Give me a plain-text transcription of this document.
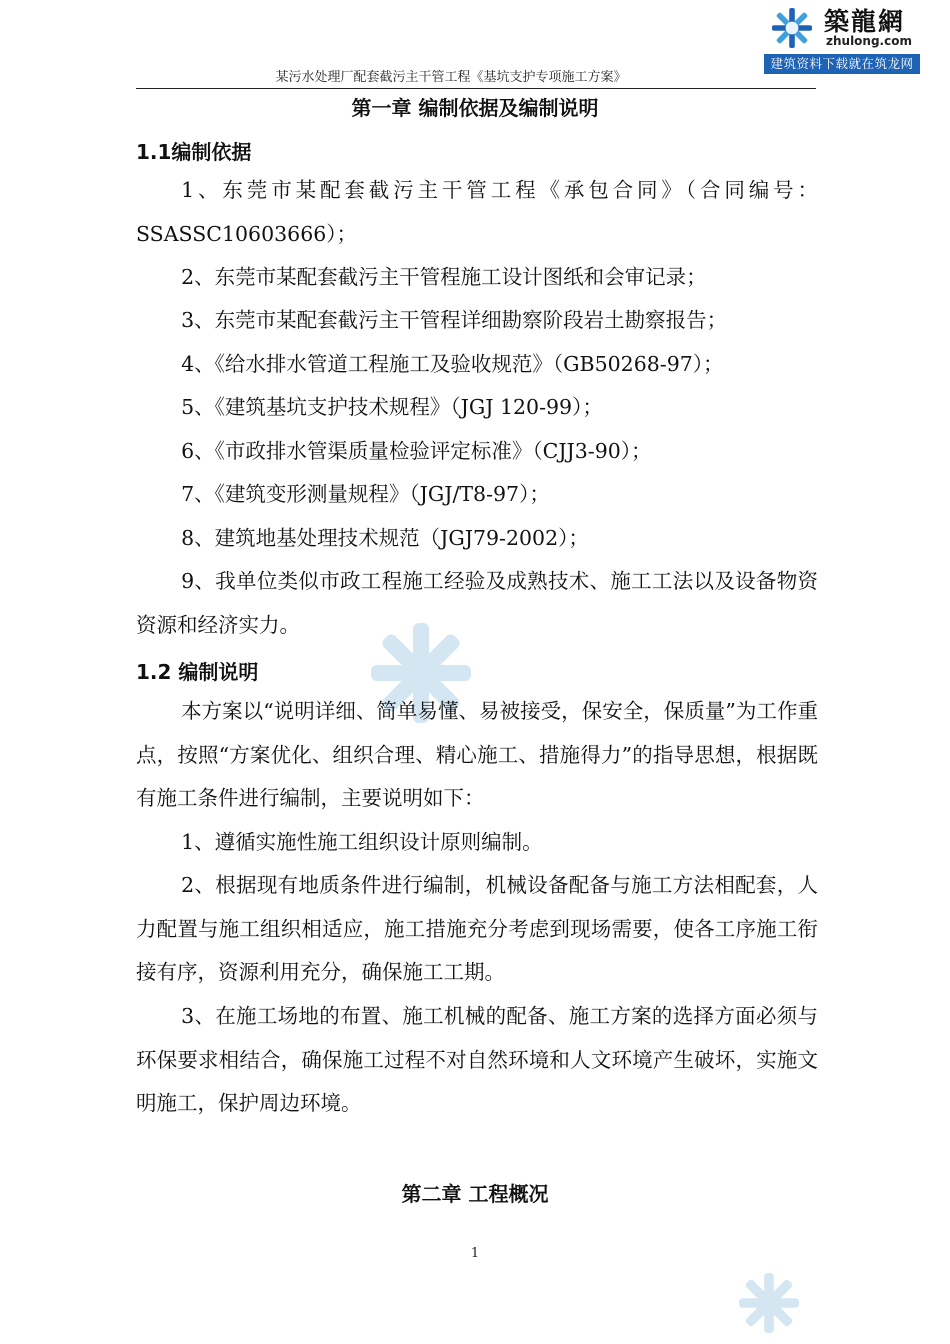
築龍網
zhulong.com
建筑资料下载就在筑龙网
某污水处理厂配套截污主干管工程《基坑支护专项施工方案》
第一章 编制依据及编制说明
1.1编制依据
1、东莞市某配套截污主干管工程《承包合同》（合同编号：SSASSC10603666）；
2、东莞市某配套截污主干管程施工设计图纸和会审记录；
3、东莞市某配套截污主干管程详细勘察阶段岩土勘察报告；
4、《给水排水管道工程施工及验收规范》（GB50268-97）；
5、《建筑基坑支护技术规程》（JGJ 120-99）；
6、《市政排水管渠质量检验评定标准》（CJJ3-90）；
7、《建筑变形测量规程》（JGJ/T8-97）；
8、建筑地基处理技术规范（JGJ79-2002）；
9、我单位类似市政工程施工经验及成熟技术、施工工法以及设备物资资源和经济实力。
1.2 编制说明
本方案以“说明详细、简单易懂、易被接受，保安全，保质量”为工作重点，按照“方案优化、组织合理、精心施工、措施得力”的指导思想，根据既有施工条件进行编制，主要说明如下：
1、遵循实施性施工组织设计原则编制。
2、根据现有地质条件进行编制，机械设备配备与施工方法相配套，人力配置与施工组织相适应，施工措施充分考虑到现场需要，使各工序施工衔接有序，资源利用充分，确保施工工期。
3、在施工场地的布置、施工机械的配备、施工方案的选择方面必须与环保要求相结合，确保施工过程不对自然环境和人文环境产生破坏，实施文明施工，保护周边环境。
第二章 工程概况
1
